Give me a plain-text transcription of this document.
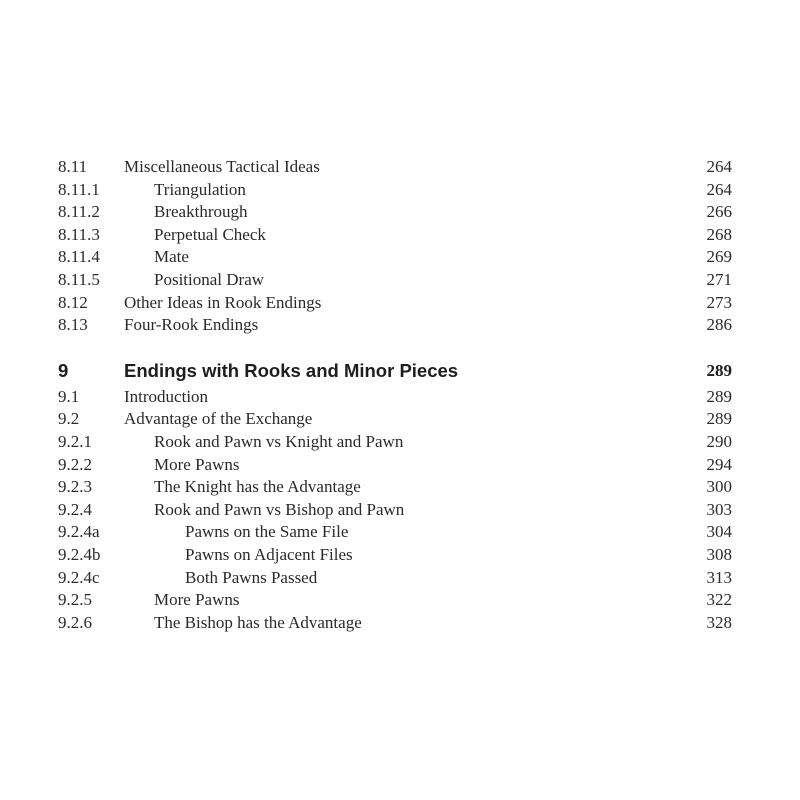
8.11 Miscellaneous Tactical Ideas	264
8.11.1	Triangulation	264
8.11.2	Breakthrough	266
8.11.3	Perpetual Check	268
8.11.4	Mate	269
8.11.5	Positional Draw	271
8.12 Other Ideas in Rook Endings	273
8.13 Four-Rook Endings	286
9	Endings with Rooks and Minor Pieces	289
9.1	Introduction	289
9.2	Advantage of the Exchange	289
9.2.1	Rook and Pawn vs Knight and Pawn	290
9.2.2	More Pawns	294
9.2.3	The Knight has the Advantage	300
9.2.4	Rook and Pawn vs Bishop and Pawn	303
9.2.4a	Pawns on the Same File	304
9.2.4b	Pawns on Adjacent Files	308
9.2.4c	Both Pawns Passed	313
9.2.5	More Pawns	322
9.2.6	The Bishop has the Advantage	328
